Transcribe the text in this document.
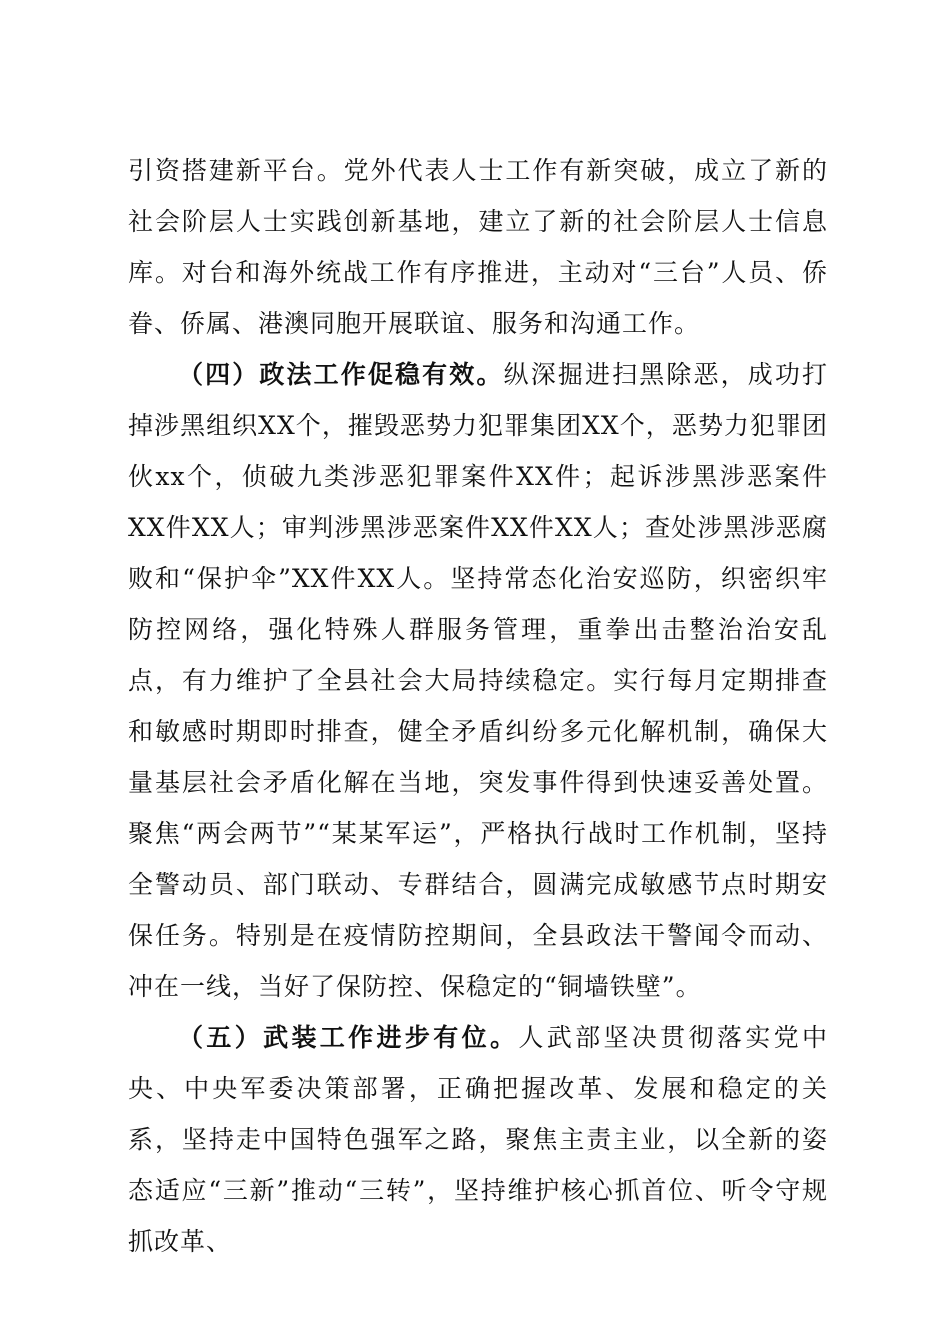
引资搭建新平台。党外代表人士工作有新突破，成立了新的社会阶层人士实践创新基地，建立了新的社会阶层人士信息库。对台和海外统战工作有序推进，主动对“三台”人员、侨眷、侨属、港澳同胞开展联谊、服务和沟通工作。

（四）政法工作促稳有效。纵深掘进扫黑除恶，成功打掉涉黑组织XX个，摧毁恶势力犯罪集团XX个，恶势力犯罪团伙xx个，侦破九类涉恶犯罪案件XX件；起诉涉黑涉恶案件XX件XX人；审判涉黑涉恶案件XX件XX人；查处涉黑涉恶腐败和“保护伞”XX件XX人。坚持常态化治安巡防，织密织牢防控网络，强化特殊人群服务管理，重拳出击整治治安乱点，有力维护了全县社会大局持续稳定。实行每月定期排查和敏感时期即时排查，健全矛盾纠纷多元化解机制，确保大量基层社会矛盾化解在当地，突发事件得到快速妥善处置。聚焦“两会两节”“某某军运”，严格执行战时工作机制，坚持全警动员、部门联动、专群结合，圆满完成敏感节点时期安保任务。特别是在疫情防控期间，全县政法干警闻令而动、冲在一线，当好了保防控、保稳定的“铜墙铁壁”。

（五）武装工作进步有位。人武部坚决贯彻落实党中央、中央军委决策部署，正确把握改革、发展和稳定的关系，坚持走中国特色强军之路，聚焦主责主业，以全新的姿态适应“三新”推动“三转”，坚持维护核心抓首位、听令守规抓改革、
